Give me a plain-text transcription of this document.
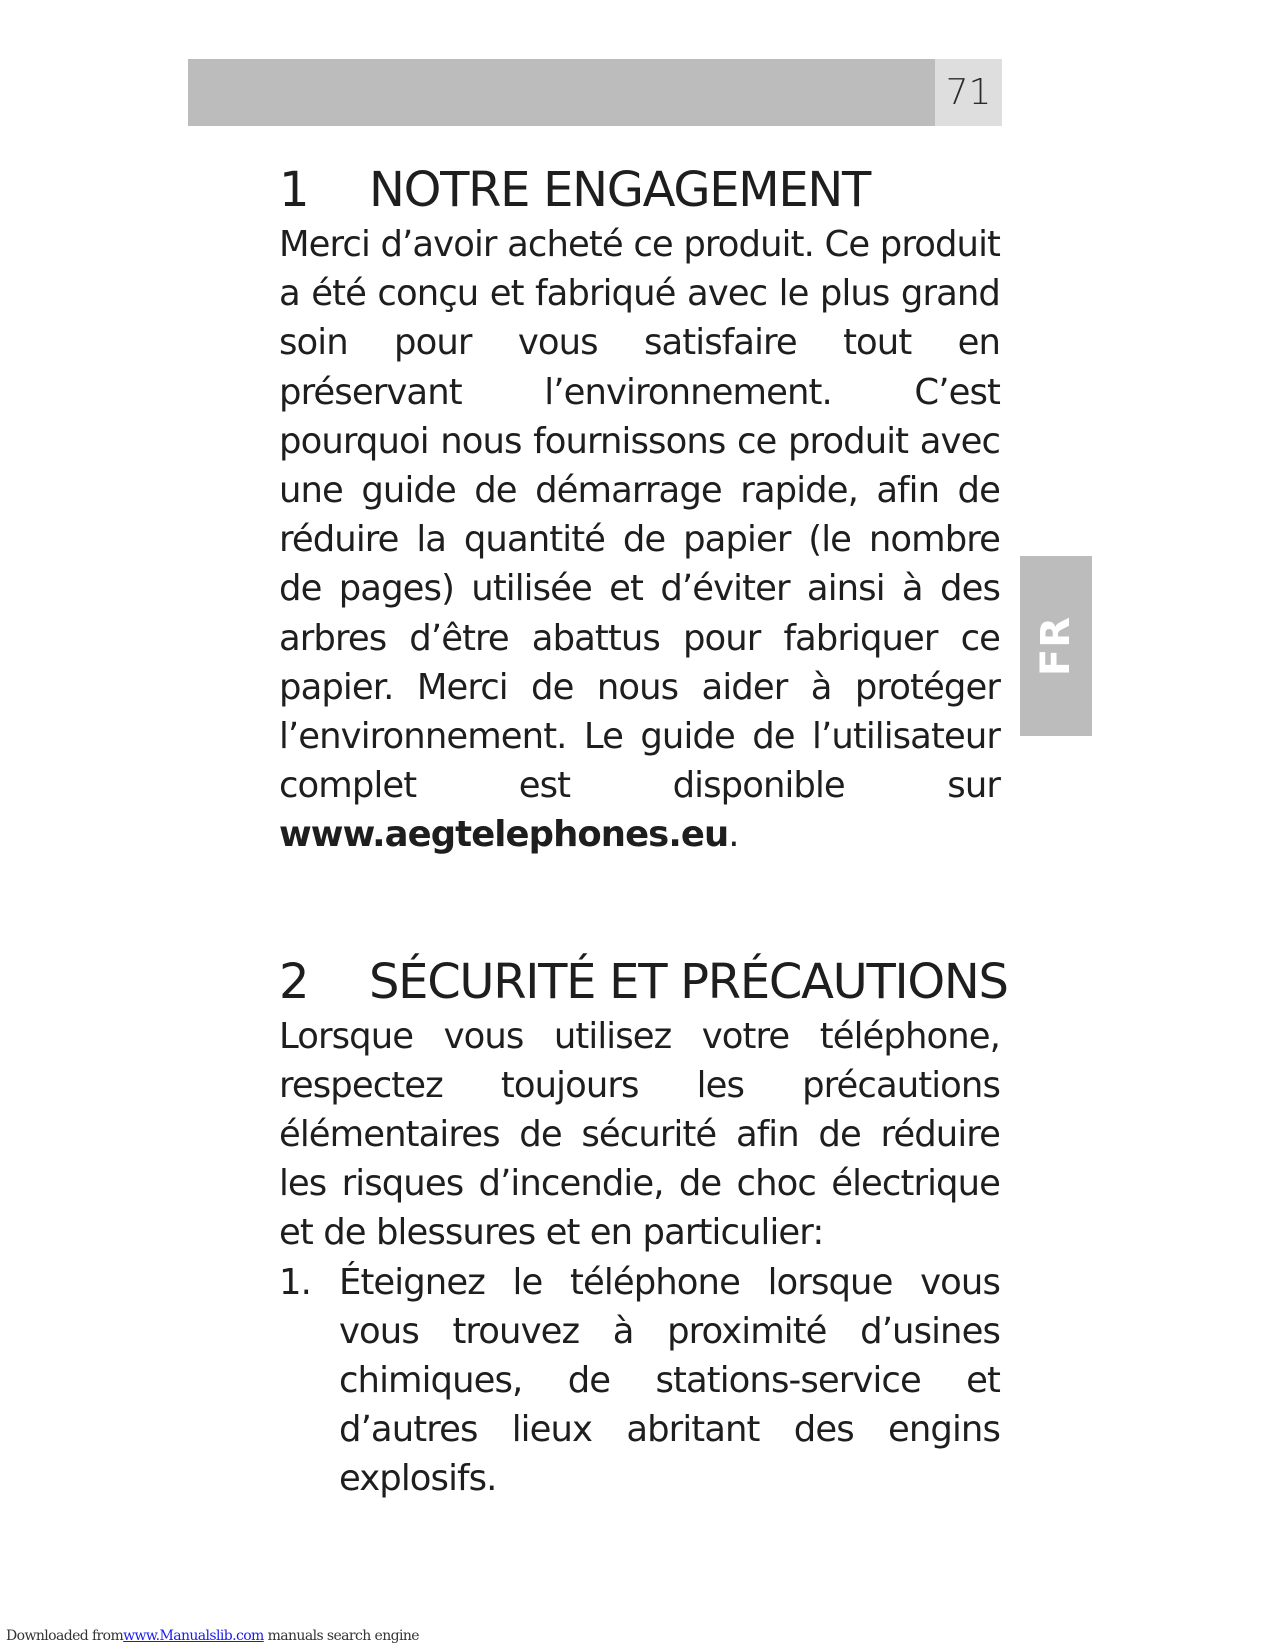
71
FR
1 NOTRE ENGAGEMENT

Merci d’avoir acheté ce produit. Ce produit a été conçu et fabriqué avec le plus grand soin pour vous satisfaire tout en préservant l’environnement. C’est pourquoi nous fournissons ce produit avec une guide de démarrage rapide, afin de réduire la quantité de papier (le nombre de pages) utilisée et d’éviter ainsi à des arbres d’être abattus pour fabriquer ce papier. Merci de nous aider à protéger l’environnement. Le guide de l’utilisateur complet est disponible sur www.aegtelephones.eu.

2 SÉCURITÉ ET PRÉCAUTIONS

Lorsque vous utilisez votre téléphone, respectez toujours les précautions élémentaires de sécurité afin de réduire les risques d’incendie, de choc électrique et de blessures et en particulier:

1. Éteignez le téléphone lorsque vous vous trouvez à proximité d’usines chimiques, de stations-service et d’autres lieux abritant des engins explosifs.
Downloaded fromwww.Manualslib.com manuals search engine
